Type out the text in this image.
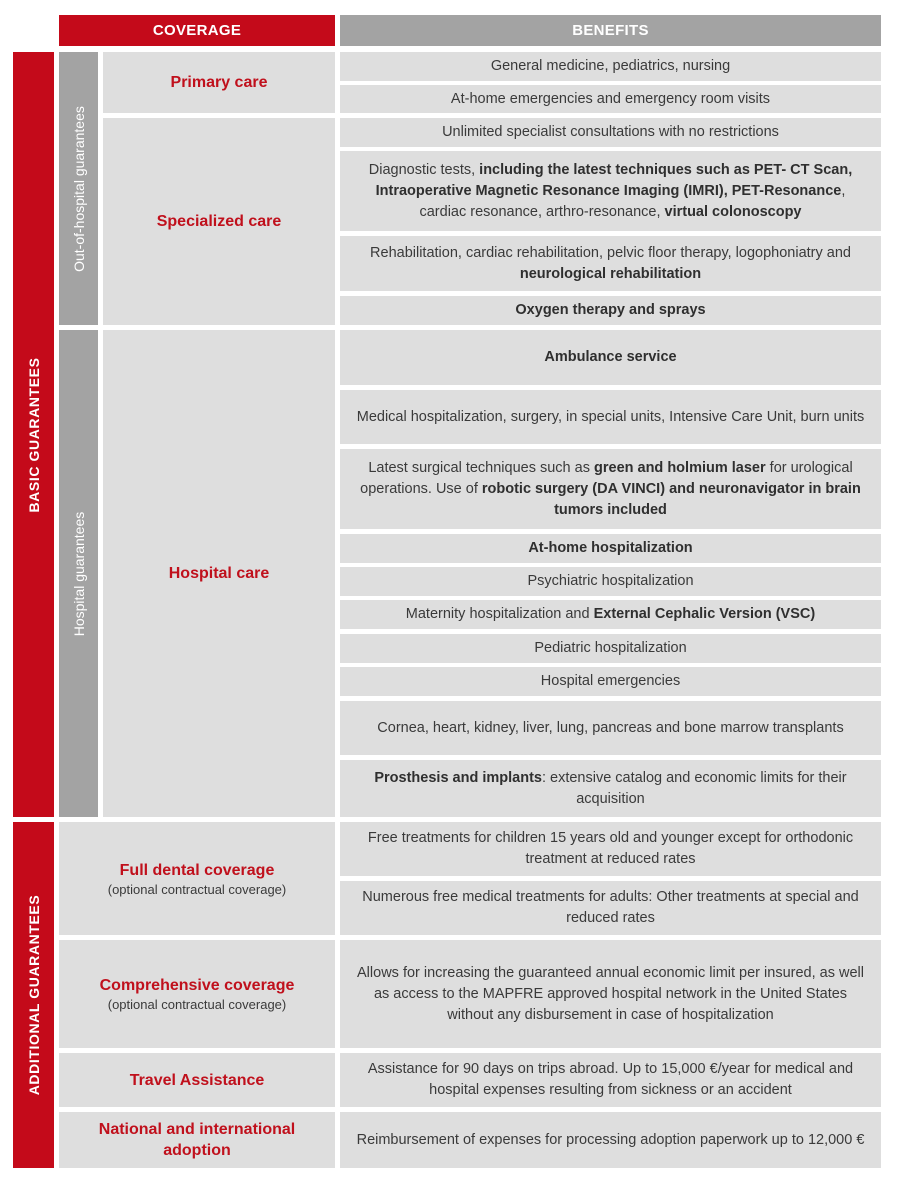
COVERAGE	BENEFITS
BASIC GUARANTEES
ADDITIONAL GUARANTEES
Out-of-hospital guarantees
Hospital guarantees
Primary care
Specialized care
Hospital care
Full dental coverage
(optional contractual coverage)
Comprehensive coverage
(optional contractual coverage)
Travel Assistance
National and international adoption
General medicine, pediatrics, nursing
At-home emergencies and emergency room visits
Unlimited specialist consultations with no restrictions
Diagnostic tests, including the latest techniques such as PET- CT Scan, Intraoperative Magnetic Resonance Imaging (IMRI), PET-Resonance, cardiac resonance, arthro-resonance, virtual colonoscopy
Rehabilitation, cardiac rehabilitation, pelvic floor therapy, logophoniatry and neurological rehabilitation
Oxygen therapy and sprays
Ambulance service
Medical hospitalization, surgery, in special units, Intensive Care Unit, burn units
Latest surgical techniques such as green and holmium laser for urological operations. Use of robotic surgery (DA VINCI) and neuronavigator in brain tumors included
At-home hospitalization
Psychiatric hospitalization
Maternity hospitalization and External Cephalic Version (VSC)
Pediatric hospitalization
Hospital emergencies
Cornea, heart, kidney, liver, lung, pancreas and bone marrow transplants
Prosthesis and implants: extensive catalog and economic limits for their acquisition
Free treatments for children 15 years old and younger except for orthodonic treatment at reduced rates
Numerous free medical treatments for adults: Other treatments at special and reduced rates
Allows for increasing the guaranteed annual economic limit per insured, as well as access to the MAPFRE approved hospital network in the United States without any disbursement in case of hospitalization
Assistance for 90 days on trips abroad. Up to 15,000 €/year for medical and hospital expenses resulting from sickness or an accident
Reimbursement of expenses for processing adoption paperwork up to 12,000 €
